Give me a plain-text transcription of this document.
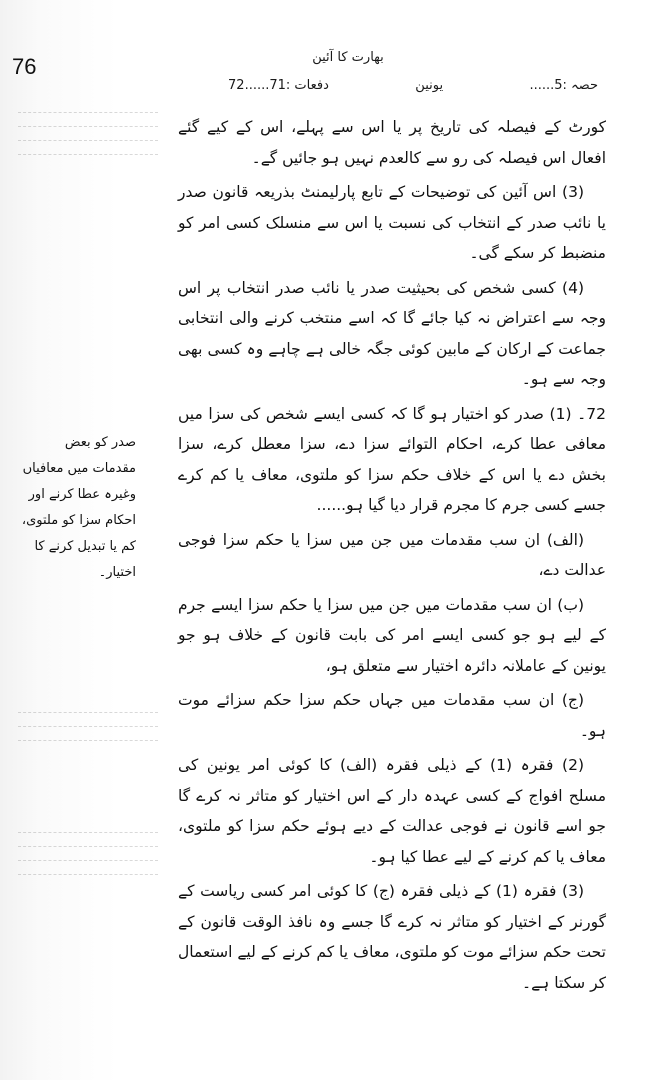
76	بھارت کا آئین
حصہ :5......
یونین
دفعات :71......72

کورٹ کے فیصلہ کی تاریخ پر یا اس سے پہلے، اس کے کیے گئے افعال اس فیصلہ کی رو سے کالعدم نہیں ہو جائیں گے۔

(3) اس آئین کی توضیحات کے تابع پارلیمنٹ بذریعہ قانون صدر یا نائب صدر کے انتخاب کی نسبت یا اس سے منسلک کسی امر کو منضبط کر سکے گی۔

(4) کسی شخص کی بحیثیت صدر یا نائب صدر انتخاب پر اس وجہ سے اعتراض نہ کیا جائے گا کہ اسے منتخب کرنے والی انتخابی جماعت کے ارکان کے مابین کوئی جگہ خالی ہے چاہے وہ کسی بھی وجہ سے ہو۔

72۔ (1) صدر کو اختیار ہو گا کہ کسی ایسے شخص کی سزا میں معافی عطا کرے، احکام التوائے سزا دے، سزا معطل کرے، سزا بخش دے یا اس کے خلاف حکم سزا کو ملتوی، معاف یا کم کرے جسے کسی جرم کا مجرم قرار دیا گیا ہو......

(الف) ان سب مقدمات میں جن میں سزا یا حکم سزا فوجی عدالت دے،

(ب) ان سب مقدمات میں جن میں سزا یا حکم سزا ایسے جرم کے لیے ہو جو کسی ایسے امر کی بابت قانون کے خلاف ہو جو یونین کے عاملانہ دائرہ اختیار سے متعلق ہو،

(ج) ان سب مقدمات میں جہاں حکم سزا حکم سزائے موت ہو۔

(2) فقرہ (1) کے ذیلی فقرہ (الف) کا کوئی امر یونین کی مسلح افواج کے کسی عہدہ دار کے اس اختیار کو متاثر نہ کرے گا جو اسے قانون نے فوجی عدالت کے دیے ہوئے حکم سزا کو ملتوی، معاف یا کم کرنے کے لیے عطا کیا ہو۔

(3) فقرہ (1) کے ذیلی فقرہ (ج) کا کوئی امر کسی ریاست کے گورنر کے اختیار کو متاثر نہ کرے گا جسے وہ نافذ الوقت قانون کے تحت حکم سزائے موت کو ملتوی، معاف یا کم کرنے کے لیے استعمال کر سکتا ہے۔

صدر کو بعض مقدمات میں معافیاں وغیرہ عطا کرنے اور احکام سزا کو ملتوی، کم یا تبدیل کرنے کا اختیار۔
